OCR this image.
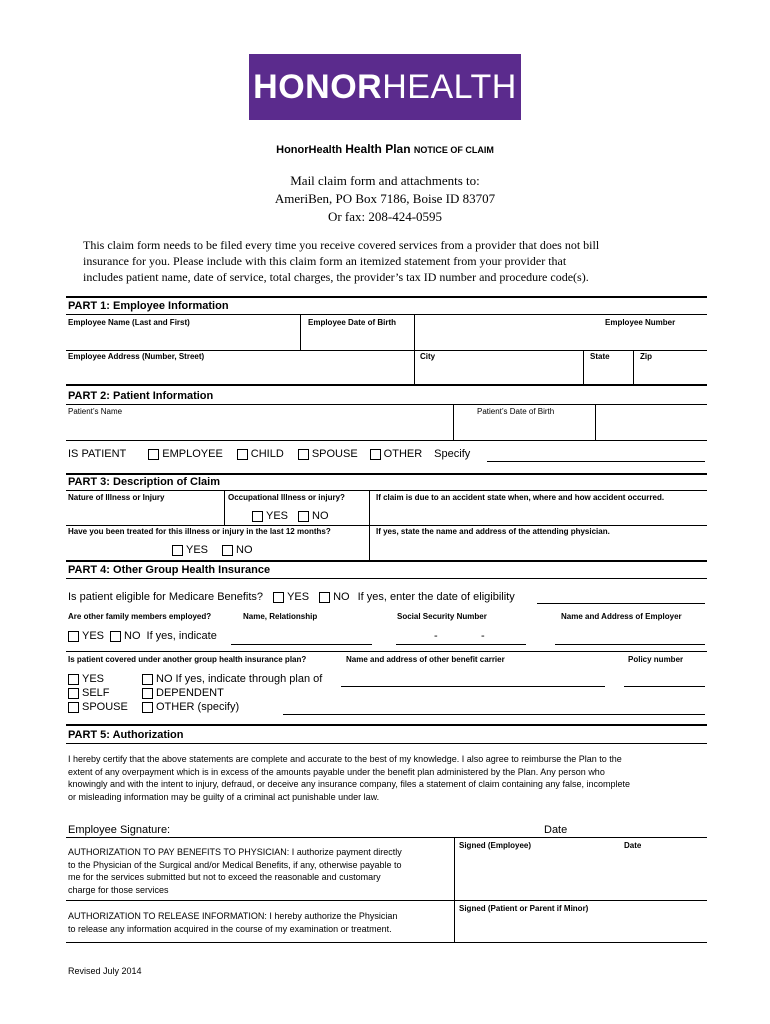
HONORHEALTH
HonorHealth Health Plan NOTICE OF CLAIM
Mail claim form and attachments to:
AmeriBen, PO Box 7186, Boise ID 83707
Or fax: 208-424-0595
This claim form needs to be filed every time you receive covered services from a provider that does not bill
insurance for you. Please include with this claim form an itemized statement from your provider that
includes patient name, date of service, total charges, the provider’s tax ID number and procedure code(s).
PART 1: Employee Information
Employee Name (Last and First)	Employee Date of Birth	Employee Number
Employee Address (Number, Street)	City	State	Zip
PART 2: Patient Information
Patient’s Name	Patient’s Date of Birth
IS PATIENT	EMPLOYEE	CHILD	SPOUSE OTHER Specify
PART 3: Description of Claim
Nature of Illness or Injury	Occupational Illness or injury?	If claim is due to an accident state when, where and how accident occurred.
YES NO
Have you been treated for this illness or injury in the last 12 months?	If yes, state the name and address of the attending physician.
YES	NO
PART 4: Other Group Health Insurance
Is patient eligible for Medicare Benefits? YES NO If yes, enter the date of eligibility
Are other family members employed?	Name, Relationship	Social Security Number	Name and Address of Employer
YES NO If yes, indicate	-	-
Is patient covered under another group health insurance plan?	Name and address of other benefit carrier	Policy number
YES	NO If yes, indicate through plan of
SELF	DEPENDENT
SPOUSE	OTHER (specify)
PART 5: Authorization
I hereby certify that the above statements are complete and accurate to the best of my knowledge. I also agree to reimburse the Plan to the
extent of any overpayment which is in excess of the amounts payable under the benefit plan administered by the Plan. Any person who
knowingly and with the intent to injury, defraud, or deceive any insurance company, files a statement of claim containing any false, incomplete
or misleading information may be guilty of a criminal act punishable under law.
Employee Signature:	Date
AUTHORIZATION TO PAY BENEFITS TO PHYSICIAN: I authorize payment directly
to the Physician of the Surgical and/or Medical Benefits, if any, otherwise payable to
me for the services submitted but not to exceed the reasonable and customary
charge for those services
Signed (Employee)	Date
Signed (Patient or Parent if Minor)
AUTHORIZATION TO RELEASE INFORMATION: I hereby authorize the Physician
to release any information acquired in the course of my examination or treatment.
Revised July 2014
